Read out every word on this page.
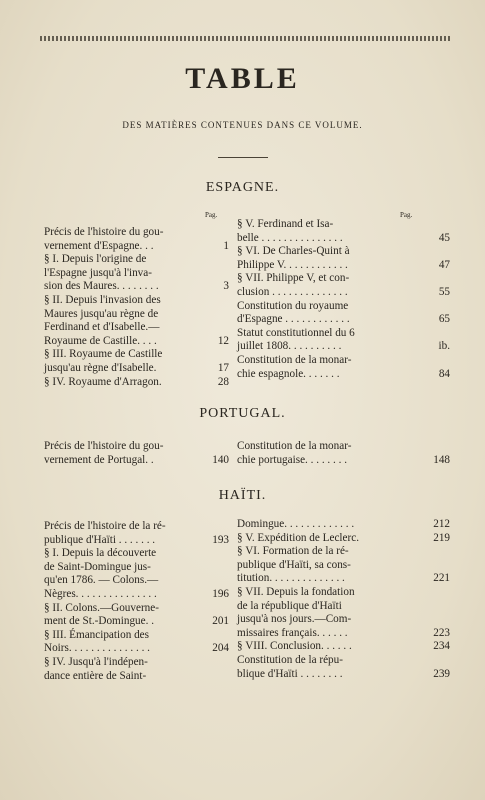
TABLE
DES MATIÈRES CONTENUES DANS CE VOLUME.
ESPAGNE.
Pag.	Pag.
Précis de l'histoire du gou-
vernement d'Espagne. . .	1
§ I. Depuis l'origine de
l'Espagne jusqu'à l'inva-
sion des Maures. . . . . . . .	3
§ II. Depuis l'invasion des
Maures jusqu'au règne de
Ferdinand et d'Isabelle.—
Royaume de Castille. . . .	12
§ III. Royaume de Castille
jusqu'au règne d'Isabelle.	17
§ IV. Royaume d'Arragon.	28
§ V. Ferdinand et Isa-
belle . . . . . . . . . . . . . . .	45
§ VI. De Charles-Quint à
Philippe V. . . . . . . . . . . .	47
§ VII. Philippe V, et con-
clusion . . . . . . . . . . . . . .	55
Constitution du royaume
d'Espagne . . . . . . . . . . . .	65
Statut constitutionnel du 6
juillet 1808. . . . . . . . . .	ib.
Constitution de la monar-
chie espagnole. . . . . . .	84
PORTUGAL.
Précis de l'histoire du gou-
vernement de Portugal. .	140
Constitution de la monar-
chie portugaise. . . . . . . .	148
HAÏTI.
Précis de l'histoire de la ré-
publique d'Haïti . . . . . . .	193
§ I. Depuis la découverte
de Saint-Domingue jus-
qu'en 1786. — Colons.—
Nègres. . . . . . . . . . . . . . .	196
§ II. Colons.—Gouverne-
ment de St.-Domingue. .	201
§ III. Émancipation des
Noirs. . . . . . . . . . . . . . .	204
§ IV. Jusqu'à l'indépen-
dance entière de Saint-
Domingue. . . . . . . . . . . . .	212
§ V. Expédition de Leclerc.	219
§ VI. Formation de la ré-
publique d'Haïti, sa cons-
titution. . . . . . . . . . . . . .	221
§ VII. Depuis la fondation
de la république d'Haïti
jusqu'à nos jours.—Com-
missaires français. . . . . .	223
§ VIII. Conclusion. . . . . .	234
Constitution de la répu-
blique d'Haïti . . . . . . . .	239
